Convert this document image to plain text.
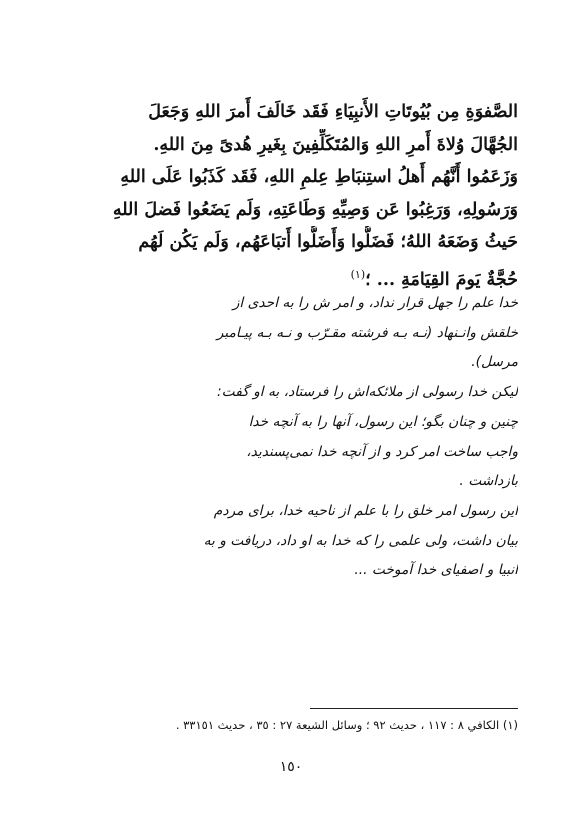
الصَّفوَةِ مِن بُيُوتَاتِ الأَنبِيَاءِ فَقَد خَالَفَ أَمرَ اللهِ وَجَعَلَ
الجُهَّالَ وُلاةَ أَمرِ اللهِ وَالمُتَكَلِّفِينَ بِغَيرِ هُدىً مِنَ اللهِ.
وَزَعَمُوا أَنَّهُم أَهلُ استِنبَاطِ عِلمِ اللهِ، فَقَد كَذَبُوا عَلَى اللهِ
وَرَسُولِهِ، وَرَغِبُوا عَن وَصِيِّهِ وَطَاعَتِهِ، وَلَم يَضَعُوا فَضلَ اللهِ
حَيثُ وَضَعَهُ اللهُ؛ فَضَلُّوا وَأَضَلُّوا أَتبَاعَهُم، وَلَم يَكُن لَهُم
حُجَّةٌ يَومَ القِيَامَةِ ... ؛$^{(١)}$

خدا علم را جهل قرار نداد، و امر ش را به احدی از
خلقش وانـنهاد (نـه بـه فرشته مقـرّب و نـه بـه پیـامبر
مرسل).

لیکن خدا رسولی از ملائکه‌اش را فرستاد، به او گفت:
چنین و چنان بگو؛ این رسول، آنها را به آنچه خدا
واجب ساخت امر کرد و از آنچه خدا نمی‌پسندید،
بازداشت .

این رسول امر خلق را با علم از ناحیه خدا، برای مردم
بیان داشت، ولی علمی را که خدا به او داد، دریافت و به
انبیا و اصفیای خدا آموخت ...

(١) الكافي ٨ : ١١٧ ، حديث ٩٢ ؛ وسائل الشيعة ٢٧ : ٣٥ ، حديث ٣٣١٥١ .
١٥٠
